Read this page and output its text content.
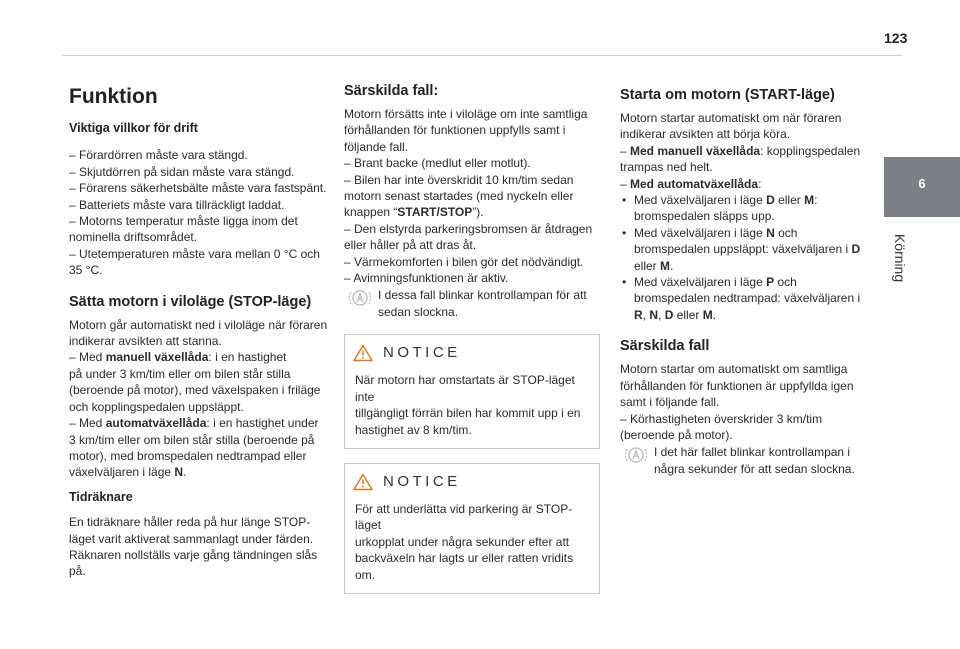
123
6
Körning
Funktion
Viktiga villkor för drift

– Förardörren måste vara stängd.

– Skjutdörren på sidan måste vara stängd.

– Förarens säkerhetsbälte måste vara fastspänt.

– Batteriets måste vara tillräckligt laddat.

– Motorns temperatur måste ligga inom det

nominella driftsområdet.

– Utetemperaturen måste vara mellan 0 °C och

35 °C.

Sätta motorn i viloläge (STOP-läge)

Motorn går automatiskt ned i viloläge när föraren

indikerar avsikten att stanna.

– Med manuell växellåda: i en hastighet

på under 3 km/tim eller om bilen står stilla

(beroende på motor), med växelspaken i friläge

och kopplingspedalen uppsläppt.

– Med automatväxellåda: i en hastighet under

3 km/tim eller om bilen står stilla (beroende på

motor), med bromspedalen nedtrampad eller

växelväljaren i läge N.

Tidräknare

En tidräknare håller reda på hur länge STOP-

läget varit aktiverat sammanlagt under färden.

Räknaren nollställs varje gång tändningen slås

på.

Särskilda fall:

Motorn försätts inte i viloläge om inte samtliga

förhållanden för funktionen uppfylls samt i

följande fall.

– Brant backe (medlut eller motlut).

– Bilen har inte överskridit 10 km/tim sedan

motorn senast startades (med nyckeln eller

knappen “START/STOP”).

– Den elstyrda parkeringsbromsen är åtdragen

eller håller på att dras åt.

– Värmekomforten i bilen gör det nödvändigt.

– Avimningsfunktionen är aktiv.

I dessa fall blinkar kontrollampan för att

sedan slockna.

NOTICE

När motorn har omstartats är STOP-läget inte

tillgängligt förrän bilen har kommit upp i en

hastighet av 8 km/tim.

NOTICE

För att underlätta vid parkering är STOP-läget

urkopplat under några sekunder efter att

backväxeln har lagts ur eller ratten vridits om.

Starta om motorn (START-läge)

Motorn startar automatiskt om när föraren

indikerar avsikten att börja köra.

– Med manuell växellåda: kopplingspedalen

trampas ned helt.

– Med automatväxellåda:

• Med växelväljaren i läge D eller M:

bromspedalen släpps upp.

• Med växelväljaren i läge N och

bromspedalen uppsläppt: växelväljaren i D

eller M.

• Med växelväljaren i läge P och

bromspedalen nedtrampad: växelväljaren i

R, N, D eller M.

Särskilda fall

Motorn startar om automatiskt om samtliga

förhållanden för funktionen är uppfyllda igen

samt i följande fall.

– Körhastigheten överskrider 3 km/tim

(beroende på motor).

I det här fallet blinkar kontrollampan i

några sekunder för att sedan slockna.
